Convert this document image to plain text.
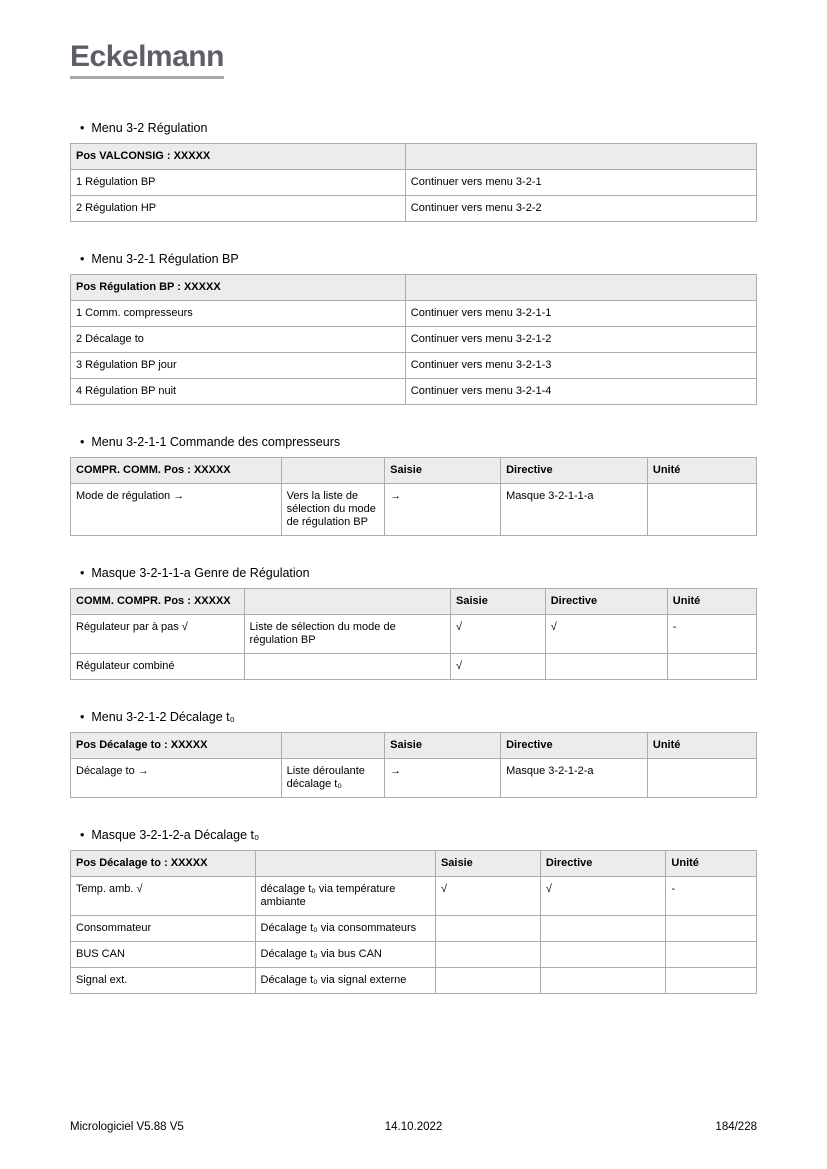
Eckelmann
• Menu 3-2 Régulation
Pos VALCONSIG : XXXXX	
1 Régulation BP	Continuer vers menu 3-2-1
2 Régulation HP	Continuer vers menu 3-2-2
• Menu 3-2-1 Régulation BP
Pos Régulation BP : XXXXX	
1 Comm. compresseurs	Continuer vers menu 3-2-1-1
2 Décalage to	Continuer vers menu 3-2-1-2
3 Régulation BP jour	Continuer vers menu 3-2-1-3
4 Régulation BP nuit	Continuer vers menu 3-2-1-4
• Menu 3-2-1-1 Commande des compresseurs
COMPR. COMM. Pos : XXXXX		Saisie	Directive	Unité
Mode de régulation →	Vers la liste de sélection du mode de régulation BP	→	Masque 3-2-1-1-a	
• Masque 3-2-1-1-a Genre de Régulation
COMM. COMPR. Pos : XXXXX		Saisie	Directive	Unité
Régulateur par à pas √	Liste de sélection du mode de régulation BP	√	√	-
Régulateur combiné		√		
• Menu 3-2-1-2 Décalage t₀
Pos Décalage to : XXXXX		Saisie	Directive	Unité
Décalage to →	Liste déroulante décalage t₀	→	Masque 3-2-1-2-a	
• Masque 3-2-1-2-a Décalage t₀
Pos Décalage to : XXXXX		Saisie	Directive	Unité
Temp. amb. √	décalage t₀ via température ambiante	√	√	-
Consommateur	Décalage t₀ via consommateurs			
BUS CAN	Décalage t₀ via bus CAN			
Signal ext.	Décalage t₀ via signal externe			
Micrologiciel V5.88 V5	14.10.2022	184/228
